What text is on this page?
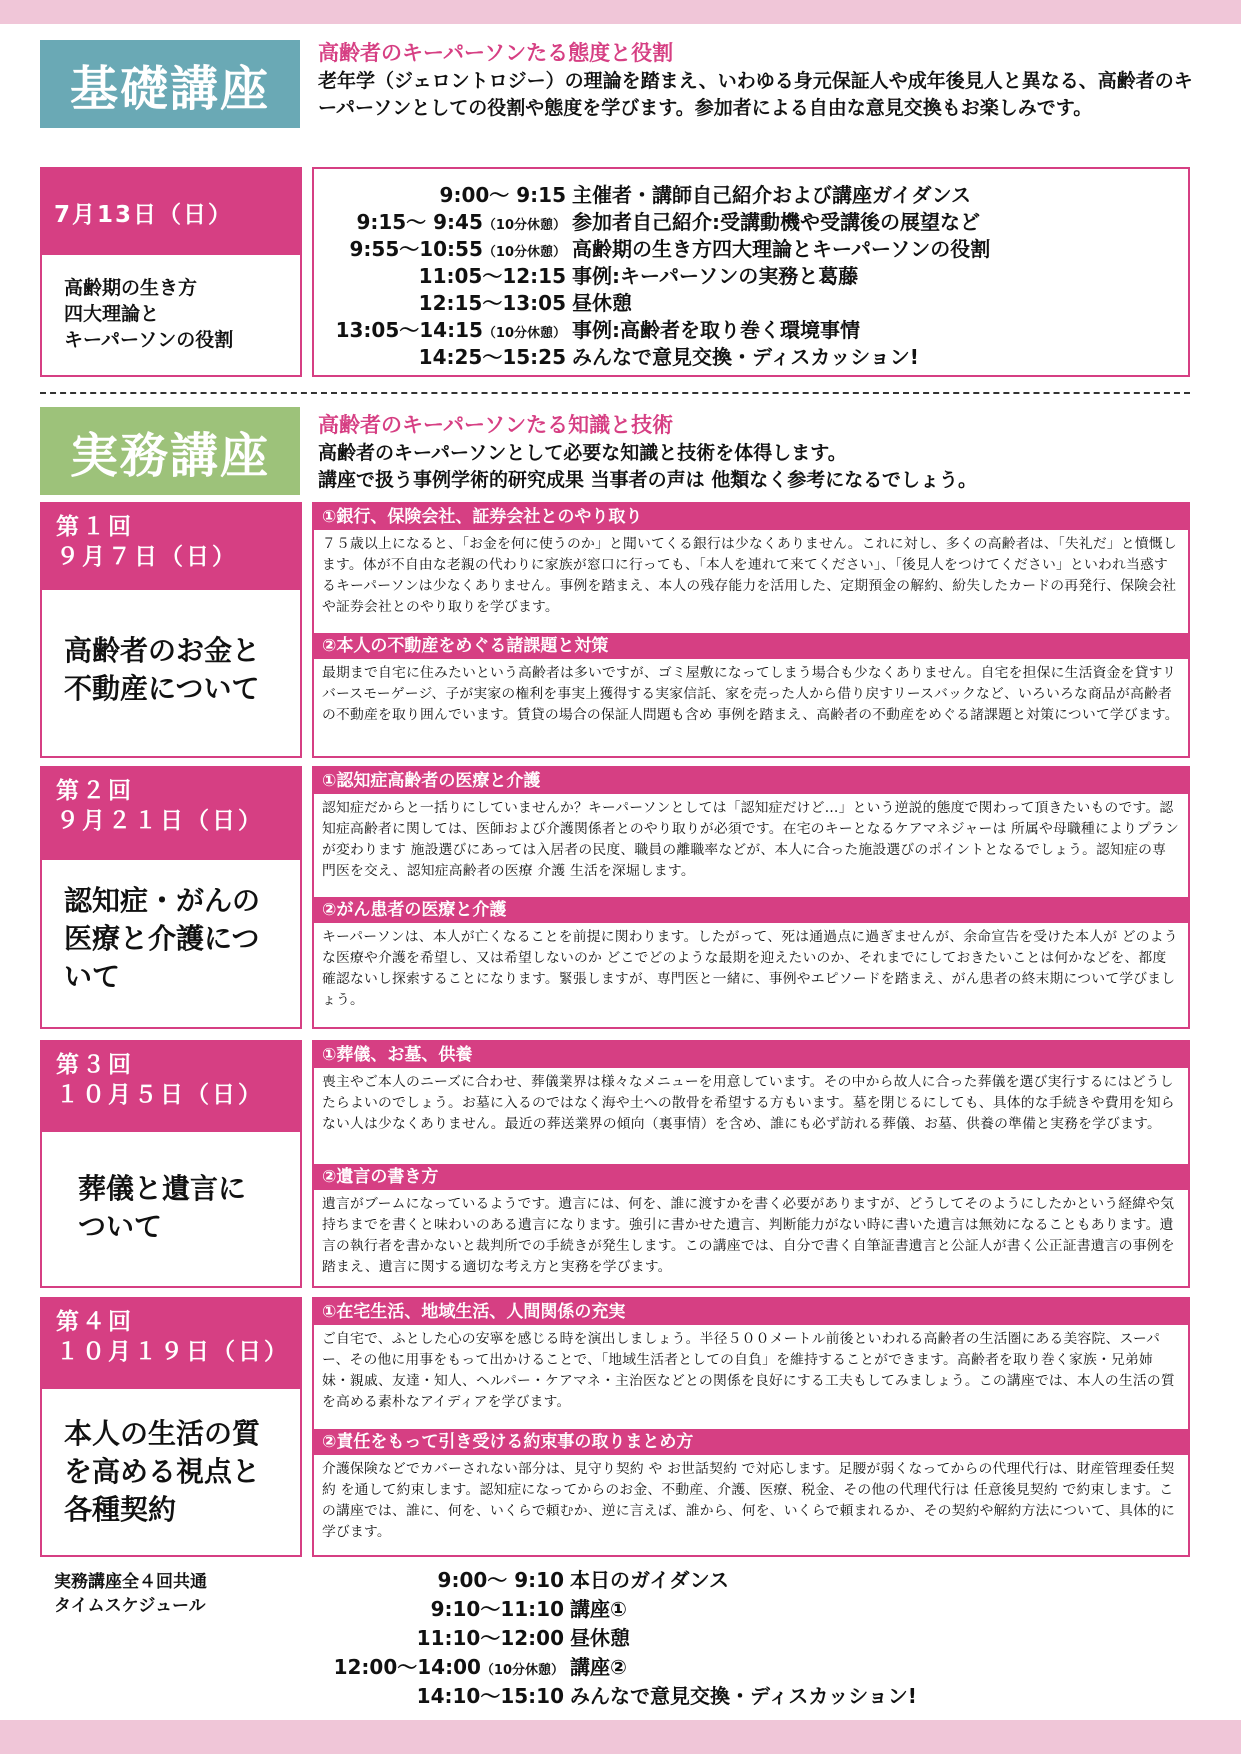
基礎講座
高齢者のキーパーソンたる態度と役割
老年学（ジェロントロジー）の理論を踏まえ、いわゆる身元保証人や成年後見人と異なる、高齢者のキーパーソンとしての役割や態度を学びます。参加者による自由な意見交換もお楽しみです。
7月13日（日）
高齢期の生き方
四大理論と
キーパーソンの役割
9:00〜 9:15 主催者・講師自己紹介および講座ガイダンス
9:15〜 9:45（10分休憩） 参加者自己紹介:受講動機や受講後の展望など
9:55〜10:55（10分休憩） 高齢期の生き方四大理論とキーパーソンの役割
11:05〜12:15 事例:キーパーソンの実務と葛藤
12:15〜13:05 昼休憩
13:05〜14:15（10分休憩） 事例:高齢者を取り巻く環境事情
14:25〜15:25 みんなで意見交換・ディスカッション!
実務講座
高齢者のキーパーソンたる知識と技術
高齢者のキーパーソンとして必要な知識と技術を体得します。
講座で扱う事例学術的研究成果 当事者の声は 他類なく参考になるでしょう。
第１回
９月７日（日）
高齢者のお金と
不動産について
①銀行、保険会社、証券会社とのやり取り
７５歳以上になると、「お金を何に使うのか」と聞いてくる銀行は少なくありません。これに対し、多くの高齢者は、「失礼だ」と憤慨します。体が不自由な老親の代わりに家族が窓口に行っても、「本人を連れて来てください」、「後見人をつけてください」といわれ当惑するキーパーソンは少なくありません。事例を踏まえ、本人の残存能力を活用した、定期預金の解約、紛失したカードの再発行、保険会社や証券会社とのやり取りを学びます。
②本人の不動産をめぐる諸課題と対策
最期まで自宅に住みたいという高齢者は多いですが、ゴミ屋敷になってしまう場合も少なくありません。自宅を担保に生活資金を貸すリバースモーゲージ、子が実家の権利を事実上獲得する実家信託、家を売った人から借り戻すリースバックなど、いろいろな商品が高齢者の不動産を取り囲んでいます。賃貸の場合の保証人問題も含め 事例を踏まえ、高齢者の不動産をめぐる諸課題と対策について学びます。
第２回
９月２１日（日）
認知症・がんの
医療と介護につ
いて
①認知症高齢者の医療と介護
認知症だからと一括りにしていませんか？キーパーソンとしては「認知症だけど…」という逆説的態度で関わって頂きたいものです。認知症高齢者に関しては、医師および介護関係者とのやり取りが必須です。在宅のキーとなるケアマネジャーは 所属や母職種によりプランが変わります 施設選びにあっては入居者の民度、職員の離職率などが、本人に合った施設選びのポイントとなるでしょう。認知症の専門医を交え、認知症高齢者の医療 介護 生活を深堀します。
②がん患者の医療と介護
キーパーソンは、本人が亡くなることを前提に関わります。したがって、死は通過点に過ぎませんが、余命宣告を受けた本人が どのような医療や介護を希望し、又は希望しないのか どこでどのような最期を迎えたいのか、それまでにしておきたいことは何かなどを、都度確認ないし探索することになります。緊張しますが、専門医と一緒に、事例やエピソードを踏まえ、がん患者の終末期について学びましょう。
第３回
１０月５日（日）
葬儀と遺言に
ついて
①葬儀、お墓、供養
喪主やご本人のニーズに合わせ、葬儀業界は様々なメニューを用意しています。その中から故人に合った葬儀を選び実行するにはどうしたらよいのでしょう。お墓に入るのではなく海や土への散骨を希望する方もいます。墓を閉じるにしても、具体的な手続きや費用を知らない人は少なくありません。最近の葬送業界の傾向（裏事情）を含め、誰にも必ず訪れる葬儀、お墓、供養の準備と実務を学びます。
②遺言の書き方
遺言がブームになっているようです。遺言には、何を、誰に渡すかを書く必要がありますが、どうしてそのようにしたかという経緯や気持ちまでを書くと味わいのある遺言になります。強引に書かせた遺言、判断能力がない時に書いた遺言は無効になることもあります。遺言の執行者を書かないと裁判所での手続きが発生します。この講座では、自分で書く自筆証書遺言と公証人が書く公正証書遺言の事例を踏まえ、遺言に関する適切な考え方と実務を学びます。
第４回
１０月１９日（日）
本人の生活の質
を高める視点と
各種契約
①在宅生活、地域生活、人間関係の充実
ご自宅で、ふとした心の安寧を感じる時を演出しましょう。半径５００メートル前後といわれる高齢者の生活圏にある美容院、スーパー、その他に用事をもって出かけることで、「地域生活者としての自負」を維持することができます。高齢者を取り巻く家族・兄弟姉妹・親戚、友達・知人、ヘルパー・ケアマネ・主治医などとの関係を良好にする工夫もしてみましょう。この講座では、本人の生活の質を高める素朴なアイディアを学びます。
②責任をもって引き受ける約束事の取りまとめ方
介護保険などでカバーされない部分は、見守り契約 や お世話契約 で対応します。足腰が弱くなってからの代理代行は、財産管理委任契約 を通して約束します。認知症になってからのお金、不動産、介護、医療、税金、その他の代理代行は 任意後見契約 で約束します。この講座では、誰に、何を、いくらで頼むか、逆に言えば、誰から、何を、いくらで頼まれるか、その契約や解約方法について、具体的に学びます。
実務講座全４回共通
タイムスケジュール
9:00〜 9:10 本日のガイダンス
9:10〜11:10 講座①
11:10〜12:00 昼休憩
12:00〜14:00（10分休憩） 講座②
14:10〜15:10 みんなで意見交換・ディスカッション!
